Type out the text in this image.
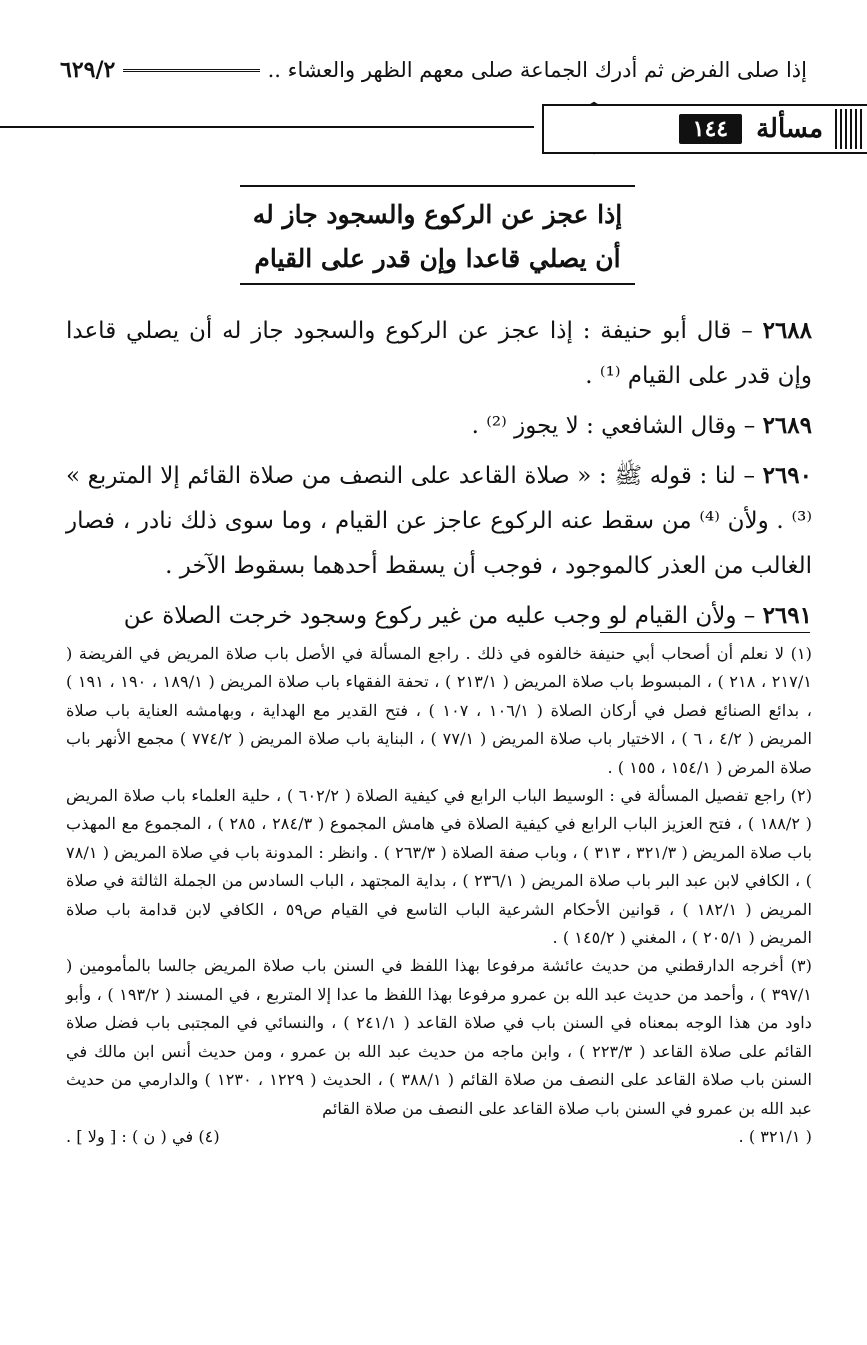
إذا صلى الفرض ثم أدرك الجماعة صلى معهم الظهر والعشاء ..
٦٢٩/٢
مسألة
١٤٤
إذا عجز عن الركوع والسجود جاز له
أن يصلي قاعدا وإن قدر على القيام

٢٦٨٨ – قال أبو حنيفة : إذا عجز عن الركوع والسجود جاز له أن يصلي قاعدا وإن قدر على القيام ⁽¹⁾ .

٢٦٨٩ – وقال الشافعي : لا يجوز ⁽²⁾ .

٢٦٩٠ – لنا : قوله ﷺ : « صلاة القاعد على النصف من صلاة القائم إلا المتربع » ⁽³⁾ . ولأن ⁽⁴⁾ من سقط عنه الركوع عاجز عن القيام ، وما سوى ذلك نادر ، فصار الغالب من العذر كالموجود ، فوجب أن يسقط أحدهما بسقوط الآخر .

٢٦٩١ – ولأن القيام لو وجب عليه من غير ركوع وسجود خرجت الصلاة عن

(١) لا نعلم أن أصحاب أبي حنيفة خالفوه في ذلك . راجع المسألة في الأصل باب صلاة المريض في الفريضة ( ٢١٧/١ ، ٢١٨ ) ، المبسوط باب صلاة المريض ( ٢١٣/١ ) ، تحفة الفقهاء باب صلاة المريض ( ١٨٩/١ ، ١٩٠ ، ١٩١ ) ، بدائع الصنائع فصل في أركان الصلاة ( ١٠٦/١ ، ١٠٧ ) ، فتح القدير مع الهداية ، وبهامشه العناية باب صلاة المريض ( ٤/٢ ، ٦ ) ، الاختيار باب صلاة المريض ( ٧٧/١ ) ، البناية باب صلاة المريض ( ٧٧٤/٢ ) مجمع الأنهر باب صلاة المرض ( ١٥٤/١ ، ١٥٥ ) .

(٢) راجع تفصيل المسألة في : الوسيط الباب الرابع في كيفية الصلاة ( ٦٠٢/٢ ) ، حلية العلماء باب صلاة المريض ( ١٨٨/٢ ) ، فتح العزيز الباب الرابع في كيفية الصلاة في هامش المجموع ( ٢٨٤/٣ ، ٢٨٥ ) ، المجموع مع المهذب باب صلاة المريض ( ٣٢١/٣ ، ٣١٣ ) ، وباب صفة الصلاة ( ٢٦٣/٣ ) . وانظر : المدونة باب في صلاة المريض ( ٧٨/١ ) ، الكافي لابن عبد البر باب صلاة المريض ( ٢٣٦/١ ) ، بداية المجتهد ، الباب السادس من الجملة الثالثة في صلاة المريض ( ١٨٢/١ ) ، قوانين الأحكام الشرعية الباب التاسع في القيام ص٥٩ ، الكافي لابن قدامة باب صلاة المريض ( ٢٠٥/١ ) ، المغني ( ١٤٥/٢ ) .

(٣) أخرجه الدارقطني من حديث عائشة مرفوعا بهذا اللفظ في السنن باب صلاة المريض جالسا بالمأمومين ( ٣٩٧/١ ) ، وأحمد من حديث عبد الله بن عمرو مرفوعا بهذا اللفظ ما عدا إلا المتربع ، في المسند ( ١٩٣/٢ ) ، وأبو داود من هذا الوجه بمعناه في السنن باب في صلاة القاعد ( ٢٤١/١ ) ، والنسائي في المجتبى باب فضل صلاة القائم على صلاة القاعد ( ٢٢٣/٣ ) ، وابن ماجه من حديث عبد الله بن عمرو ، ومن حديث أنس ابن مالك في السنن باب صلاة القاعد على النصف من صلاة القائم ( ٣٨٨/١ ) ، الحديث ( ١٢٢٩ ، ١٢٣٠ ) والدارمي من حديث عبد الله بن عمرو في السنن باب صلاة القاعد على النصف من صلاة القائم

( ٣٢١/١ ) .
(٤) في ( ن ) : [ ولا ] .
